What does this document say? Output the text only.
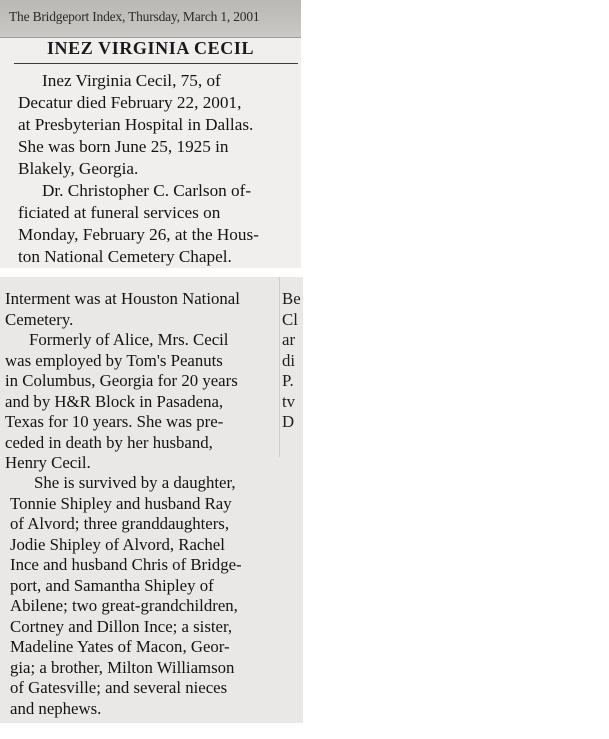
The Bridgeport Index, Thursday, March 1, 2001
INEZ VIRGINIA CECIL
Inez Virginia Cecil, 75, of
Decatur died February 22, 2001,
at Presbyterian Hospital in Dallas.
She was born June 25, 1925 in
Blakely, Georgia.
Dr. Christopher C. Carlson of-
ficiated at funeral services on
Monday, February 26, at the Hous-
ton National Cemetery Chapel.
Interment was at Houston National
Cemetery.
Formerly of Alice, Mrs. Cecil
was employed by Tom's Peanuts
in Columbus, Georgia for 20 years
and by H&R Block in Pasadena,
Texas for 10 years. She was pre-
ceded in death by her husband,
Henry Cecil.
Be
Cl
ar
di
P.
tv
D
She is survived by a daughter,
Tonnie Shipley and husband Ray
of Alvord; three granddaughters,
Jodie Shipley of Alvord, Rachel
Ince and husband Chris of Bridge-
port, and Samantha Shipley of
Abilene; two great-grandchildren,
Cortney and Dillon Ince; a sister,
Madeline Yates of Macon, Geor-
gia; a brother, Milton Williamson
of Gatesville; and several nieces
and nephews.
